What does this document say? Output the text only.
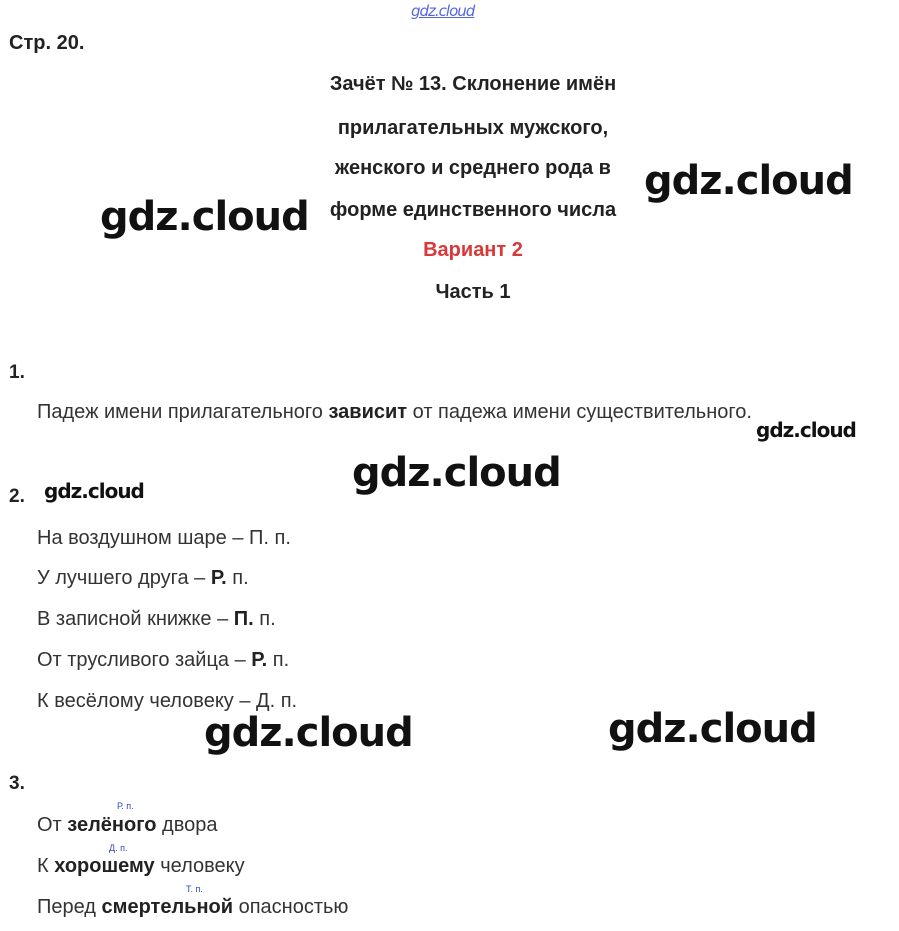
gdz.cloud
Стр. 20.
Зачёт № 13. Склонение имён
прилагательных мужского,
женского и среднего рода в
форме единственного числа
Вариант 2
Часть 1
gdz.cloud
gdz.cloud
gdz.cloud
gdz.cloud	gdz.cloud
gdz.cloud
gdz.cloud
1.
Падеж имени прилагательного зависит от падежа имени существительного.
2.
На воздушном шаре – П. п.
У лучшего друга – Р. п.
В записной книжке – П. п.
От трусливого зайца – Р. п.
К весёлому человеку – Д. п.
3.
Р. п.
От зелёного двора
Д. п.
К хорошему человеку
Т. п.
Перед смертельной опасностью
